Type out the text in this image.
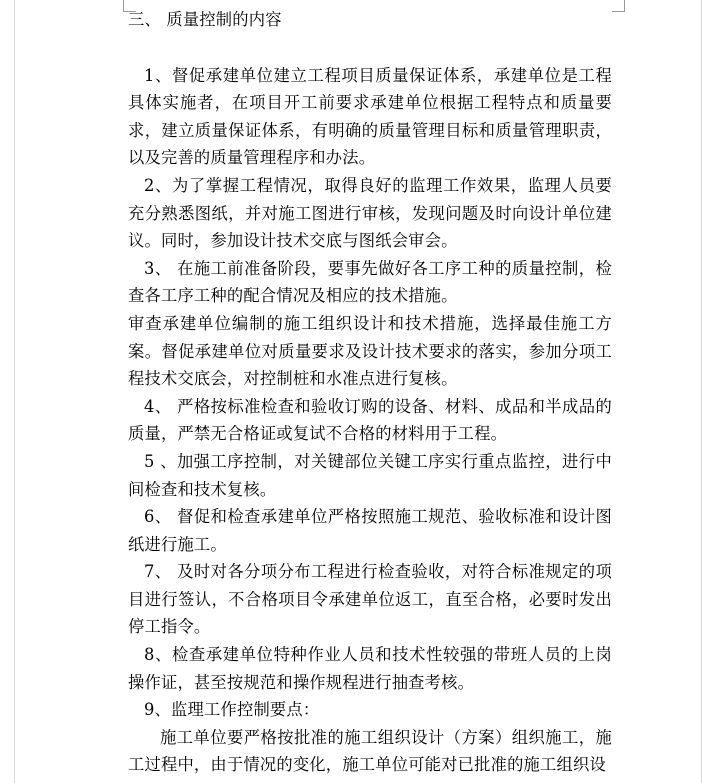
三、 质量控制的内容

1、督促承建单位建立工程项目质量保证体系，承建单位是工程具体实施者，在项目开工前要求承建单位根据工程特点和质量要求，建立质量保证体系，有明确的质量管理目标和质量管理职责，以及完善的质量管理程序和办法。

2、为了掌握工程情况，取得良好的监理工作效果，监理人员要充分熟悉图纸，并对施工图进行审核，发现问题及时向设计单位建议。同时，参加设计技术交底与图纸会审会。

3、 在施工前准备阶段，要事先做好各工序工种的质量控制，检查各工序工种的配合情况及相应的技术措施。

审查承建单位编制的施工组织设计和技术措施，选择最佳施工方案。督促承建单位对质量要求及设计技术要求的落实，参加分项工程技术交底会，对控制桩和水准点进行复核。

4、 严格按标准检查和验收订购的设备、材料、成品和半成品的质量，严禁无合格证或复试不合格的材料用于工程。

5 、加强工序控制，对关键部位关键工序实行重点监控，进行中间检查和技术复核。

6、 督促和检查承建单位严格按照施工规范、验收标准和设计图纸进行施工。

7、 及时对各分项分布工程进行检查验收，对符合标准规定的项目进行签认，不合格项目令承建单位返工，直至合格，必要时发出停工指令。

8、检查承建单位特种作业人员和技术性较强的带班人员的上岗操作证，甚至按规范和操作规程进行抽查考核。

9、监理工作控制要点：

施工单位要严格按批准的施工组织设计（方案）组织施工，施工过程中，由于情况的变化，施工单位可能对已批准的施工组织设
